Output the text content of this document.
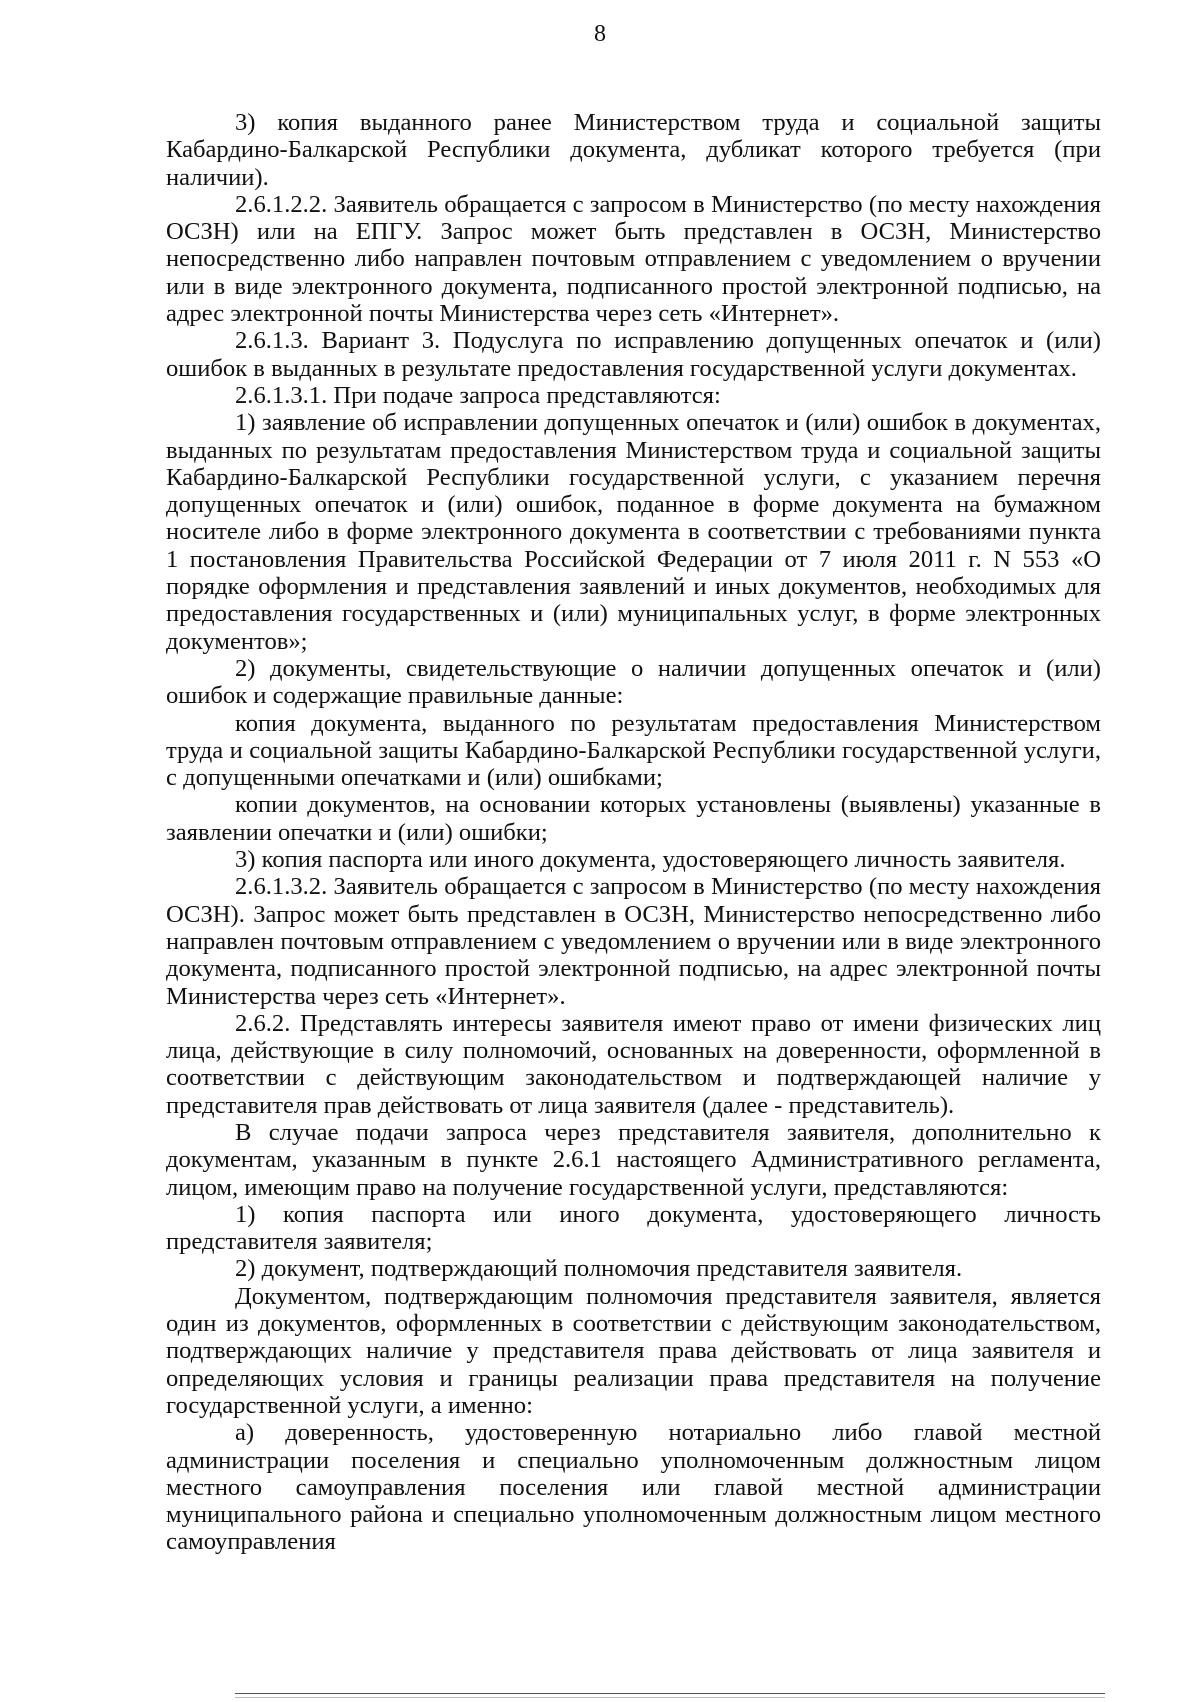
8

3) копия выданного ранее Министерством труда и социальной защиты Кабардино-Балкарской Республики документа, дубликат которого требуется (при наличии).

2.6.1.2.2. Заявитель обращается с запросом в Министерство (по месту нахождения ОСЗН) или на ЕПГУ. Запрос может быть представлен в ОСЗН, Министерство непосредственно либо направлен почтовым отправлением с уведомлением о вручении или в виде электронного документа, подписанного простой электронной подписью, на адрес электронной почты Министерства через сеть «Интернет».

2.6.1.3. Вариант 3. Подуслуга по исправлению допущенных опечаток и (или) ошибок в выданных в результате предоставления государственной услуги документах.

2.6.1.3.1. При подаче запроса представляются:

1) заявление об исправлении допущенных опечаток и (или) ошибок в документах, выданных по результатам предоставления Министерством труда и социальной защиты Кабардино-Балкарской Республики государственной услуги, с указанием перечня допущенных опечаток и (или) ошибок, поданное в форме документа на бумажном носителе либо в форме электронного документа в соответствии с требованиями пункта 1 постановления Правительства Российской Федерации от 7 июля 2011 г. N 553 «О порядке оформления и представления заявлений и иных документов, необходимых для предоставления государственных и (или) муниципальных услуг, в форме электронных документов»;

2) документы, свидетельствующие о наличии допущенных опечаток и (или) ошибок и содержащие правильные данные:

копия документа, выданного по результатам предоставления Министерством труда и социальной защиты Кабардино-Балкарской Республики государственной услуги, с допущенными опечатками и (или) ошибками;

копии документов, на основании которых установлены (выявлены) указанные в заявлении опечатки и (или) ошибки;

3) копия паспорта или иного документа, удостоверяющего личность заявителя.

2.6.1.3.2. Заявитель обращается с запросом в Министерство (по месту нахождения ОСЗН). Запрос может быть представлен в ОСЗН, Министерство непосредственно либо направлен почтовым отправлением с уведомлением о вручении или в виде электронного документа, подписанного простой электронной подписью, на адрес электронной почты Министерства через сеть «Интернет».

2.6.2. Представлять интересы заявителя имеют право от имени физических лиц лица, действующие в силу полномочий, основанных на доверенности, оформленной в соответствии с действующим законодательством и подтверждающей наличие у представителя прав действовать от лица заявителя (далее - представитель).

В случае подачи запроса через представителя заявителя, дополнительно к документам, указанным в пункте 2.6.1 настоящего Административного регламента, лицом, имеющим право на получение государственной услуги, представляются:

1) копия паспорта или иного документа, удостоверяющего личность представителя заявителя;

2) документ, подтверждающий полномочия представителя заявителя.

Документом, подтверждающим полномочия представителя заявителя, является один из документов, оформленных в соответствии с действующим законодательством, подтверждающих наличие у представителя права действовать от лица заявителя и определяющих условия и границы реализации права представителя на получение государственной услуги, а именно:

а) доверенность, удостоверенную нотариально либо главой местной администрации поселения и специально уполномоченным должностным лицом местного самоуправления поселения или главой местной администрации муниципального района и специально уполномоченным должностным лицом местного самоуправления
